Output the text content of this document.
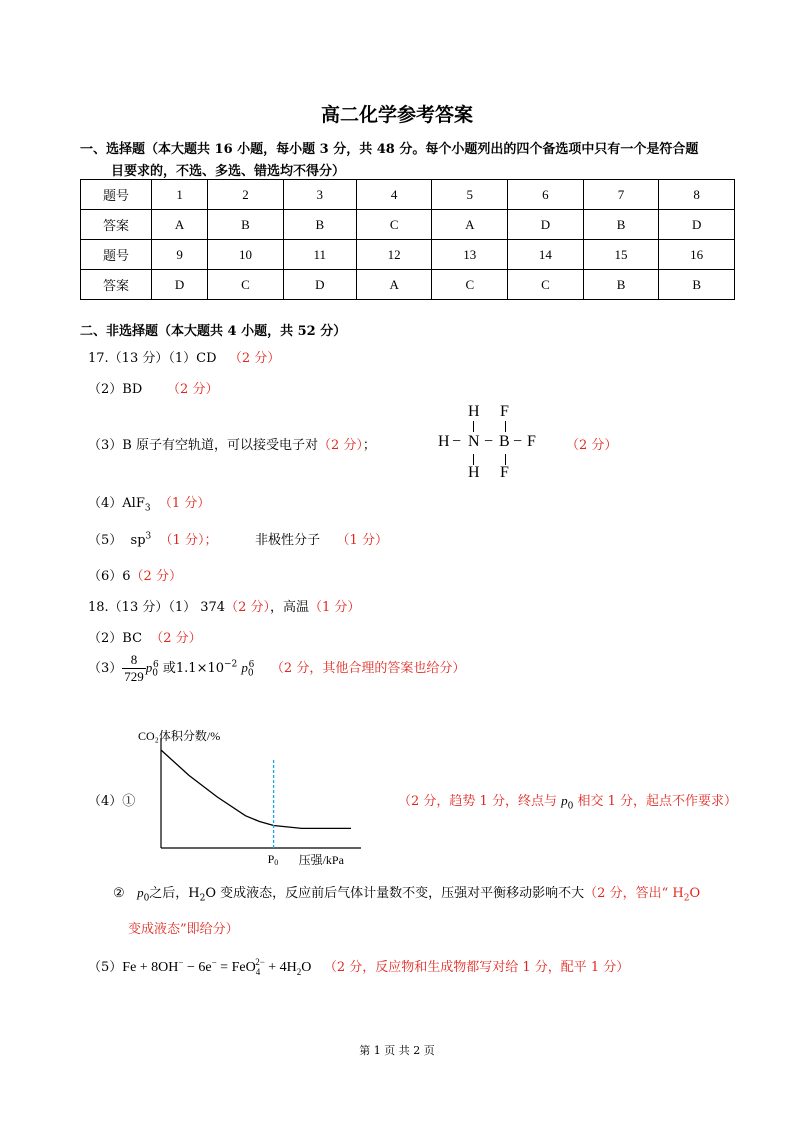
高二化学参考答案
一、选择题（本大题共 16 小题，每小题 3 分，共 48 分。每个小题列出的四个备选项中只有一个是符合题
目要求的，不选、多选、错选均不得分）
题号	1	2	3	4	5	6	7	8
答案	A	B	B	C	A	D	B	D
题号	9	10	11	12	13	14	15	16
答案	D	C	D	A	C	C	B	B
二、非选择题（本大题共 4 小题，共 52 分）
17.（13 分）（1）CD （2 分）
（2）BD （2 分）
（3）B 原子有空轨道，可以接受电子对（2 分）；
H F
H − N − B − F
H F
（2 分）
（4）AlF$_3$ （1 分）
（5） $sp^3$ （1 分）；	非极性分子 （1 分）
（6）6（2 分）
18.（13 分）（1） 374（2 分），高温（1 分）
（2）BC （2 分）
$(3) \frac{8}{729} p_0^6$ 或$1.1\times 10^{-2}$ $p_0^6$ （2 分，其他合理的答案也给分）
（4）①
CO₂体积分数/%
P0 压强/kPa
（2 分，趋势 1 分，终点与 $p_0$ 相交 1 分，起点不作要求）
② $p_0$之后，$H_2O$ 变成液态，反应前后气体计量数不变，压强对平衡移动影响不大（2 分，答出“ $H_2O$
变成液态”即给分）
$(5)Fe + 8OH^- - 6e^- = FeO_4^{2-} + 4H_2O$ （2 分，反应物和生成物都写对给 1 分，配平 1 分）
第 1 页 共 2 页
